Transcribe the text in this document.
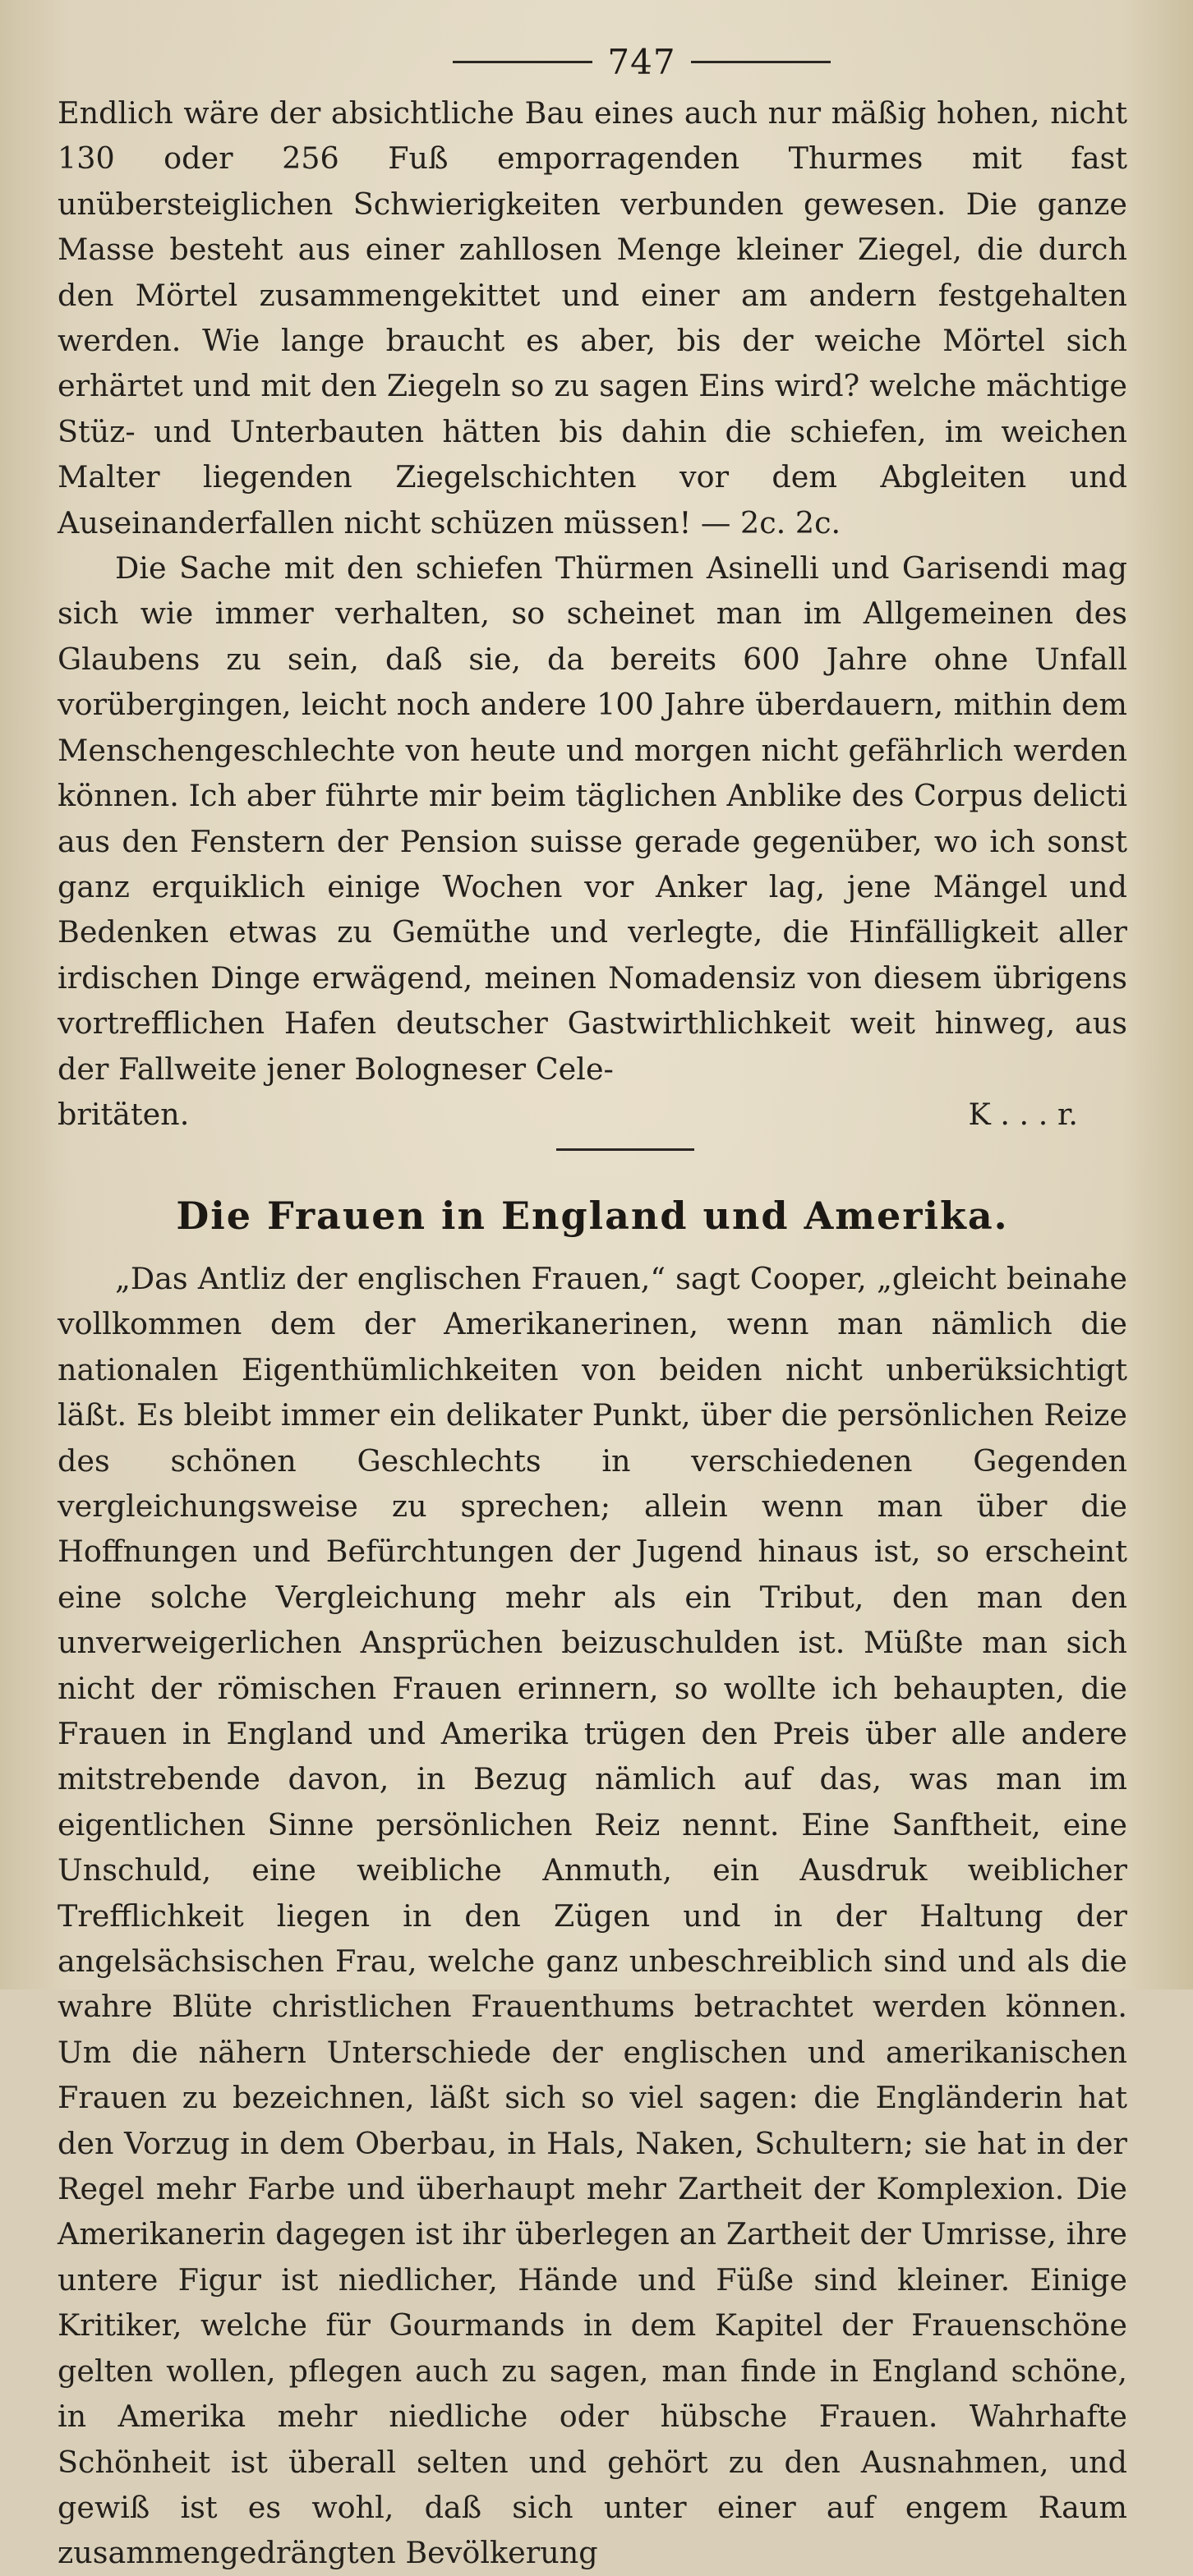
747

Endlich wäre der absichtliche Bau eines auch nur mäßig hohen, nicht 130 oder 256 Fuß emporragenden Thurmes mit fast unübersteiglichen Schwierigkeiten verbunden gewesen. Die ganze Masse besteht aus einer zahllosen Menge kleiner Ziegel, die durch den Mörtel zusammengekittet und einer am andern festgehalten werden. Wie lange braucht es aber, bis der weiche Mörtel sich erhärtet und mit den Ziegeln so zu sagen Eins wird? welche mächtige Stüz- und Unterbauten hätten bis dahin die schiefen, im weichen Malter liegenden Ziegelschichten vor dem Abgleiten und Auseinanderfallen nicht schüzen müssen! — 2c. 2c.

Die Sache mit den schiefen Thürmen Asinelli und Garisendi mag sich wie immer verhalten, so scheinet man im Allgemeinen des Glaubens zu sein, daß sie, da bereits 600 Jahre ohne Unfall vorübergingen, leicht noch andere 100 Jahre überdauern, mithin dem Menschengeschlechte von heute und morgen nicht gefährlich werden können. Ich aber führte mir beim täglichen Anblike des Corpus delicti aus den Fenstern der Pension suisse gerade gegenüber, wo ich sonst ganz erquiklich einige Wochen vor Anker lag, jene Mängel und Bedenken etwas zu Gemüthe und verlegte, die Hinfälligkeit aller irdischen Dinge erwägend, meinen Nomadensiz von diesem übrigens vortrefflichen Hafen deutscher Gastwirthlichkeit weit hinweg, aus der Fallweite jener Bologneser Cele-

britäten.	K . . . r.
Die Frauen in England und Amerika.

„Das Antliz der englischen Frauen,“ sagt Cooper, „gleicht beinahe vollkommen dem der Amerikanerinen, wenn man nämlich die nationalen Eigenthümlichkeiten von beiden nicht unberüksichtigt läßt. Es bleibt immer ein delikater Punkt, über die persönlichen Reize des schönen Geschlechts in verschiedenen Gegenden vergleichungsweise zu sprechen; allein wenn man über die Hoffnungen und Befürchtungen der Jugend hinaus ist, so erscheint eine solche Vergleichung mehr als ein Tribut, den man den unverweigerlichen Ansprüchen beizuschulden ist. Müßte man sich nicht der römischen Frauen erinnern, so wollte ich behaupten, die Frauen in England und Amerika trügen den Preis über alle andere mitstrebende davon, in Bezug nämlich auf das, was man im eigentlichen Sinne persönlichen Reiz nennt. Eine Sanftheit, eine Unschuld, eine weibliche Anmuth, ein Ausdruk weiblicher Trefflichkeit liegen in den Zügen und in der Haltung der angelsächsischen Frau, welche ganz unbeschreiblich sind und als die wahre Blüte christlichen Frauenthums betrachtet werden können. Um die nähern Unterschiede der englischen und amerikanischen Frauen zu bezeichnen, läßt sich so viel sagen: die Engländerin hat den Vorzug in dem Oberbau, in Hals, Naken, Schultern; sie hat in der Regel mehr Farbe und überhaupt mehr Zartheit der Komplexion. Die Amerikanerin dagegen ist ihr überlegen an Zartheit der Umrisse, ihre untere Figur ist niedlicher, Hände und Füße sind kleiner. Einige Kritiker, welche für Gourmands in dem Kapitel der Frauenschöne gelten wollen, pflegen auch zu sagen, man finde in England schöne, in Amerika mehr niedliche oder hübsche Frauen. Wahrhafte Schönheit ist überall selten und gehört zu den Ausnahmen, und gewiß ist es wohl, daß sich unter einer auf engem Raum zusammengedrängten Bevölkerung
